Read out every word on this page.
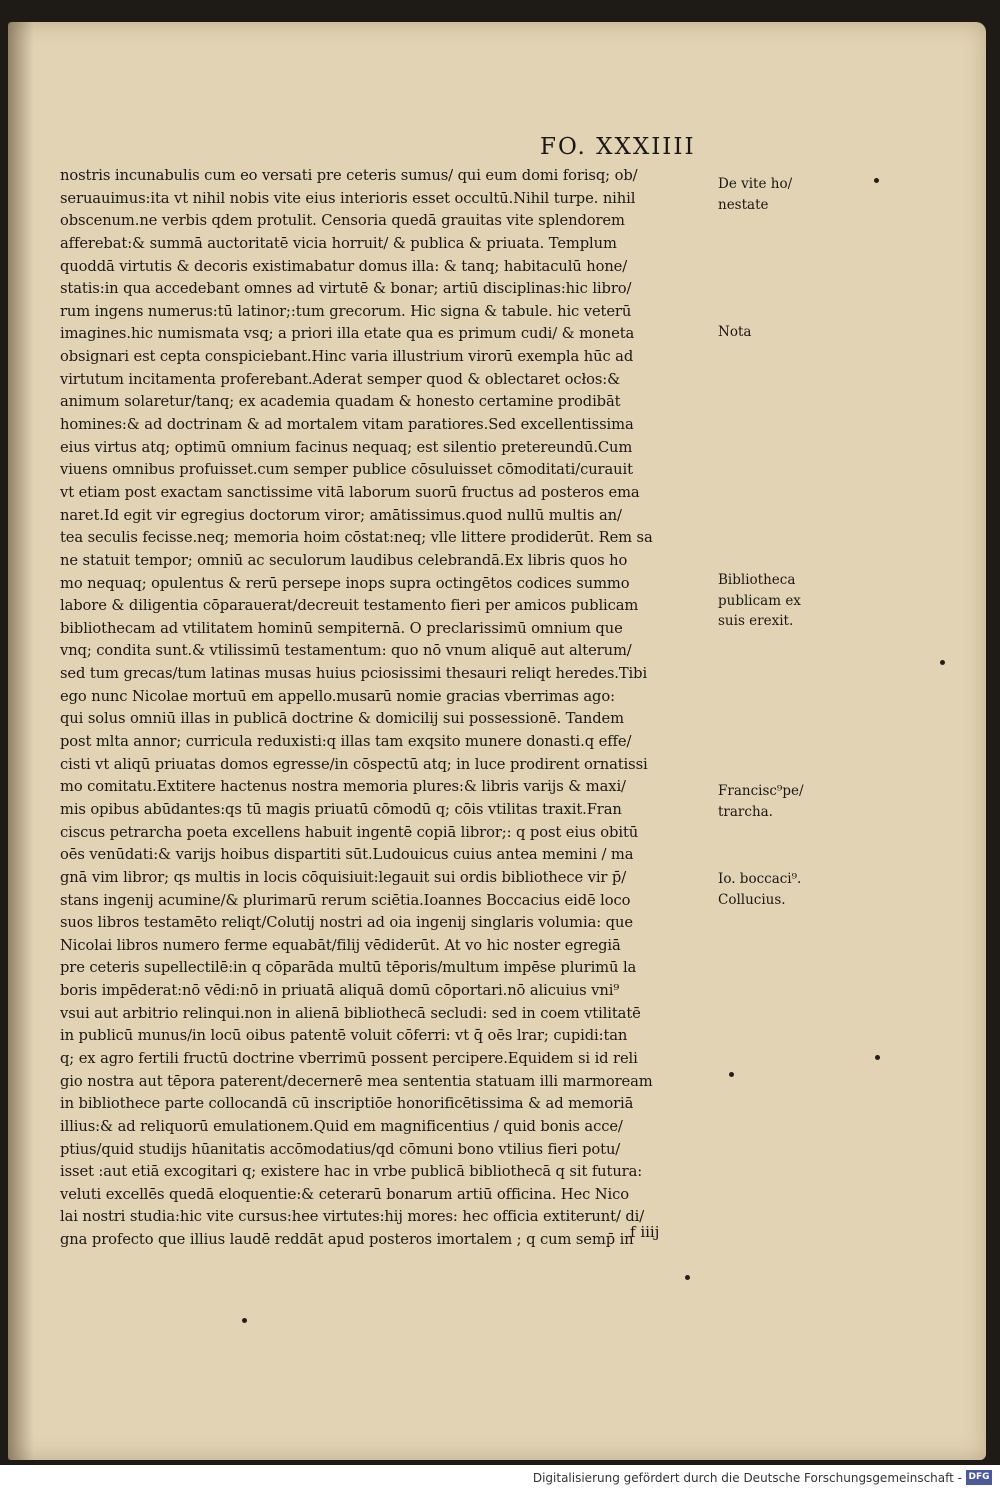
FO. XXXIIII
nostris incunabulis cum eo versati pre ceteris sumus/ qui eum domi forisq; ob/
seruauimus:ita vt nihil nobis vite eius interioris esset occultū.Nihil turpe. nihil
obscenum.ne verbis qdem protulit. Censoria quedā grauitas vite splendorem
afferebat:& summā auctoritatē vicia horruit/ & publica & priuata. Templum
quoddā virtutis & decoris existimabatur domus illa: & tanq; habitaculū hone/
statis:in qua accedebant omnes ad virtutē & bonar; artiū disciplinas:hic libro/
rum ingens numerus:tū latinor;:tum grecorum. Hic signa & tabule. hic veterū
imagines.hic numismata vsq; a priori illa etate qua es primum cudi/ & moneta
obsignari est cepta conspiciebant.Hinc varia illustrium virorū exempla hūc ad
virtutum incitamenta proferebant.Aderat semper quod & oblectaret ocłos:&
animum solaretur/tanq; ex academia quadam & honesto certamine prodibāt
homines:& ad doctrinam & ad mortalem vitam paratiores.Sed excellentissima
eius virtus atq; optimū omnium facinus nequaq; est silentio pretereundū.Cum
viuens omnibus profuisset.cum semper publice cōsuluisset cōmoditati/curauit
vt etiam post exactam sanctissime vitā laborum suorū fructus ad posteros ema
naret.Id egit vir egregius doctorum viror; amātissimus.quod nullū multis an/
tea seculis fecisse.neq; memoria hoim cōstat:neq; vlle littere prodiderūt. Rem sa
ne statuit tempor; omniū ac seculorum laudibus celebrandā.Ex libris quos ho
mo nequaq; opulentus & rerū persepe inops supra octingētos codices summo
labore & diligentia cōparauerat/decreuit testamento fieri per amicos publicam
bibliothecam ad vtilitatem hominū sempiternā. O preclarissimū omnium que
vnq; condita sunt.& vtilissimū testamentum: quo nō vnum aliquē aut alterum/
sed tum grecas/tum latinas musas huius pciosissimi thesauri reliqt heredes.Tibi
ego nunc Nicolae mortuū em appello.musarū nomie gracias vberrimas ago:
qui solus omniū illas in publicā doctrine & domicilij sui possessionē. Tandem
post mlta annor; curricula reduxisti:q illas tam exqsito munere donasti.q effe/
cisti vt aliqū priuatas domos egresse/in cōspectū atq; in luce prodirent ornatissi
mo comitatu.Extitere hactenus nostra memoria plures:& libris varijs & maxi/
mis opibus abūdantes:qs tū magis priuatū cōmodū q; cōis vtilitas traxit.Fran
ciscus petrarcha poeta excellens habuit ingentē copiā libror;: q post eius obitū
oēs venūdati:& varijs hoibus dispartiti sūt.Ludouicus cuius antea memini / ma
gnā vim libror; qs multis in locis cōquisiuit:legauit sui ordis bibliothece vir p̄/
stans ingenij acumine/& plurimarū rerum sciētia.Ioannes Boccacius eidē loco
suos libros testamēto reliqt/Colutij nostri ad oia ingenij singlaris volumia: que
Nicolai libros numero ferme equabāt/filij vēdiderūt. At vo hic noster egregiā
pre ceteris supellectilē:in q cōparāda multū tēporis/multum impēse plurimū la
boris impēderat:nō vēdi:nō in priuatā aliquā domū cōportari.nō alicuius vni⁹
vsui aut arbitrio relinqui.non in alienā bibliothecā secludi: sed in coem vtilitatē
in publicū munus/in locū oibus patentē voluit cōferri: vt q̄ oēs lrar; cupidi:tan
q; ex agro fertili fructū doctrine vberrimū possent percipere.Equidem si id reli
gio nostra aut tēpora paterent/decernerē mea sententia statuam illi marmoream
in bibliothece parte collocandā cū inscriptiōe honorificētissima & ad memoriā
illius:& ad reliquorū emulationem.Quid em magnificentius / quid bonis acce/
ptius/quid studijs hūanitatis accōmodatius/qd cōmuni bono vtilius fieri potu/
isset :aut etiā excogitari q; existere hac in vrbe publicā bibliothecā q sit futura:
veluti excellēs quedā eloquentie:& ceterarū bonarum artiū officina. Hec Nico
lai nostri studia:hic vite cursus:hee virtutes:hij mores: hec officia extiterunt/ di/
gna profecto que illius laudē reddāt apud posteros imortalem ; q cum semp̄ in
De vite ho/
nestate
Nota
Bibliotheca
publicam ex
suis erexit.
Francisc⁹pe/
trarcha.
Io. boccaci⁹.
Collucius.
f iiij
Digitalisierung gefördert durch die Deutsche Forschungsgemeinschaft - DFG
